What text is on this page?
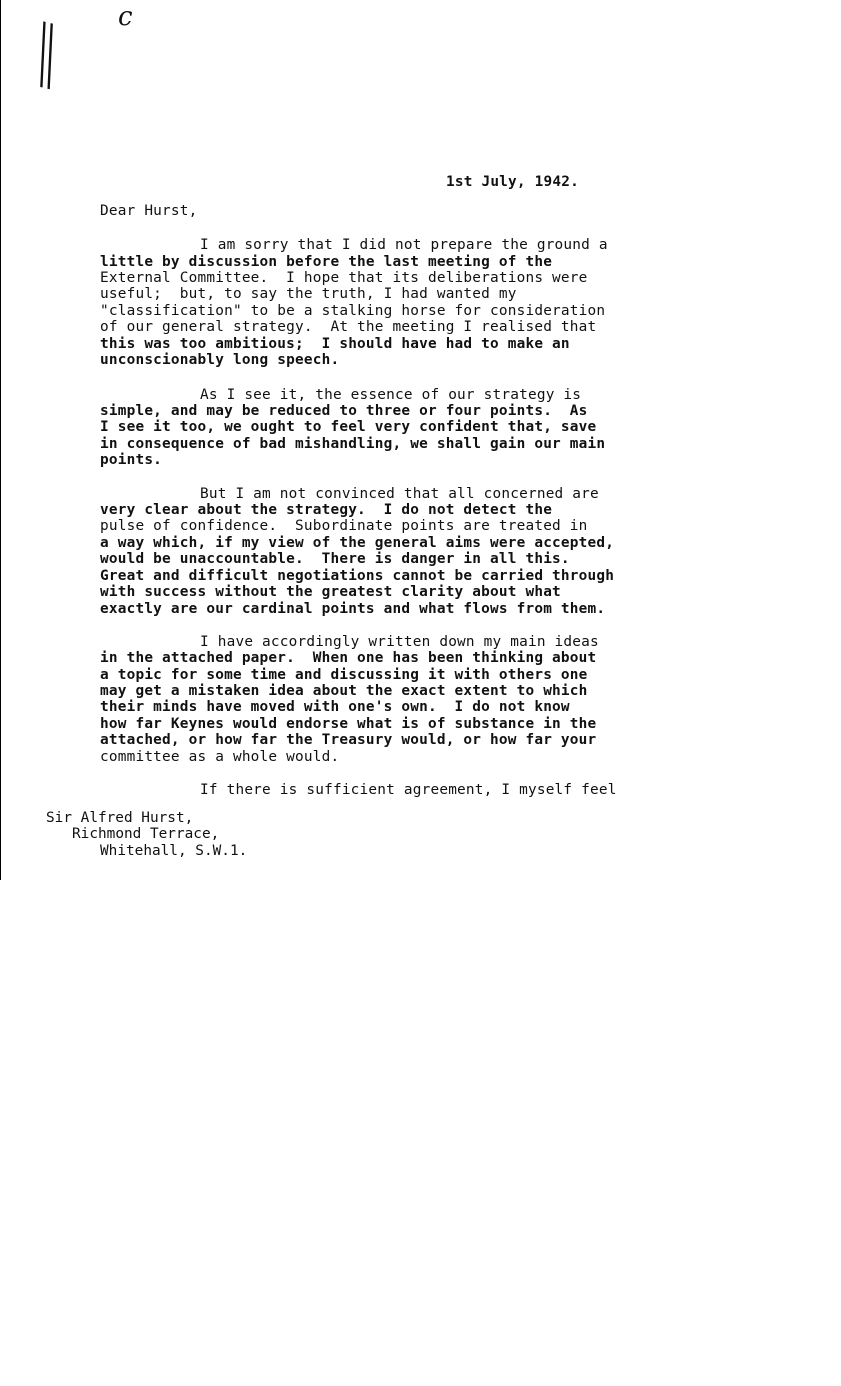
|| c
1st July, 1942.
Dear Hurst,
I am sorry that I did not prepare the ground a
little by discussion before the last meeting of the
External Committee.  I hope that its deliberations were
useful;  but, to say the truth, I had wanted my
"classification" to be a stalking horse for consideration
of our general strategy.  At the meeting I realised that
this was too ambitious;  I should have had to make an
unconscionably long speech.
As I see it, the essence of our strategy is
simple, and may be reduced to three or four points.  As
I see it too, we ought to feel very confident that, save
in consequence of bad mishandling, we shall gain our main
points.
But I am not convinced that all concerned are
very clear about the strategy.  I do not detect the
pulse of confidence.  Subordinate points are treated in
a way which, if my view of the general aims were accepted,
would be unaccountable.  There is danger in all this.
Great and difficult negotiations cannot be carried through
with success without the greatest clarity about what
exactly are our cardinal points and what flows from them.
I have accordingly written down my main ideas
in the attached paper.  When one has been thinking about
a topic for some time and discussing it with others one
may get a mistaken idea about the exact extent to which
their minds have moved with one's own.  I do not know
how far Keynes would endorse what is of substance in the
attached, or how far the Treasury would, or how far your
committee as a whole would.
If there is sufficient agreement, I myself feel
Sir Alfred Hurst,
Richmond Terrace,
Whitehall, S.W.1.
